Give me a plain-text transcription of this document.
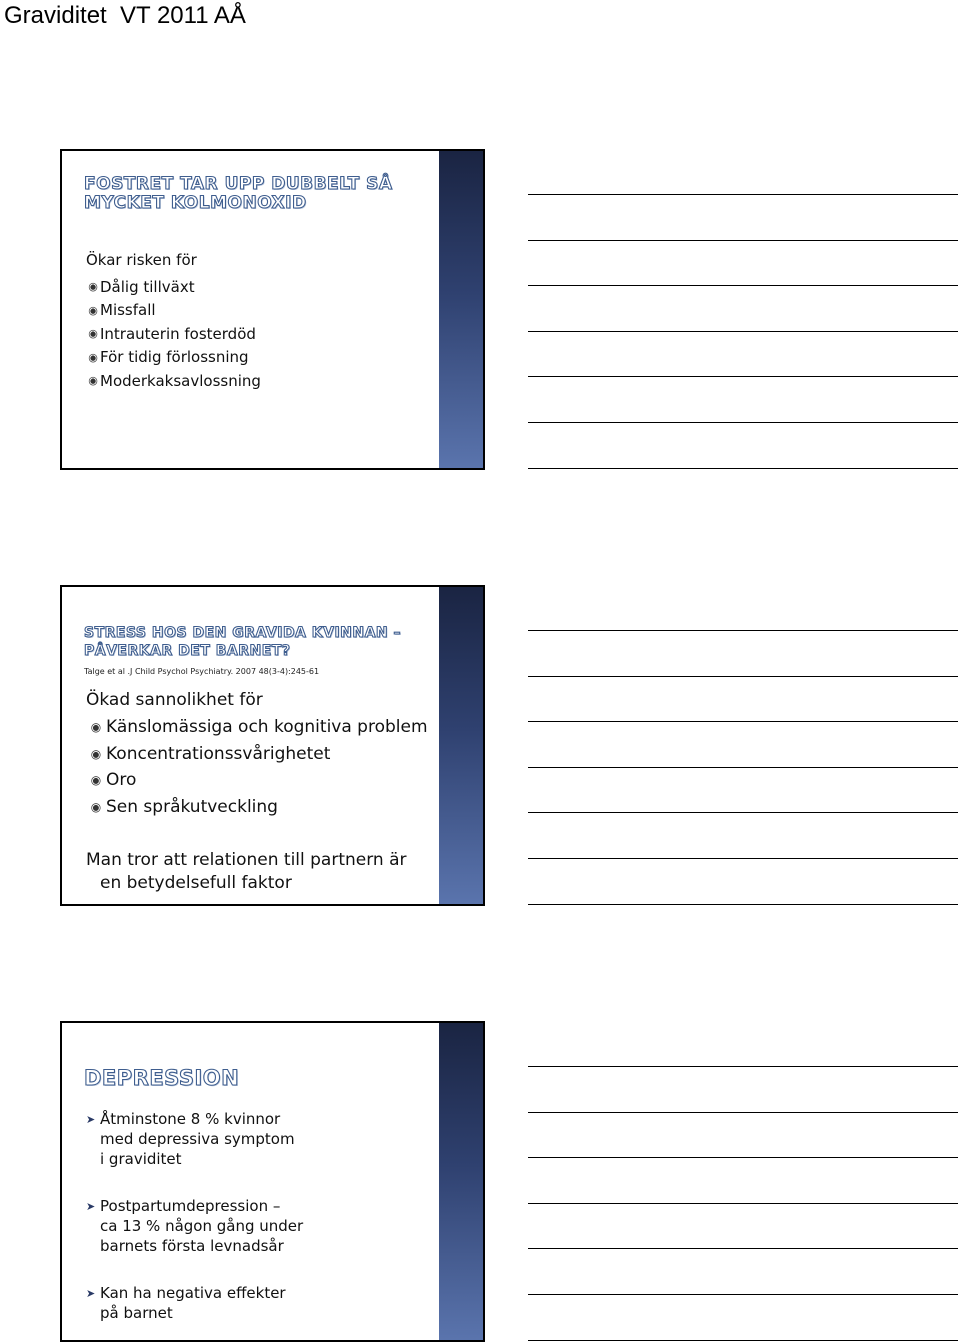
Graviditet  VT 2011 AÅ
FOSTRET TAR UPP DUBBELT SÅ
MYCKET KOLMONOXID
Ökar risken för
◉ Dålig tillväxt
◉ Missfall
◉ Intrauterin fosterdöd
◉ För tidig förlossning
◉ Moderkaksavlossning
STRESS HOS DEN GRAVIDA KVINNAN –
PÅVERKAR DET BARNET?
Talge et al .J Child Psychol Psychiatry. 2007 48(3-4):245-61
Ökad sannolikhet för
◉ Känslomässiga och kognitiva problem
◉ Koncentrationssvårighetet
◉ Oro
◉ Sen språkutveckling
Man tror att relationen till partnern är
en betydelsefull faktor
DEPRESSION
➤ Åtminstone 8 % kvinnor
med depressiva symptom
i graviditet
➤ Postpartumdepression –
ca 13 % någon gång under
barnets första levnadsår
➤ Kan ha negativa effekter
på barnet
